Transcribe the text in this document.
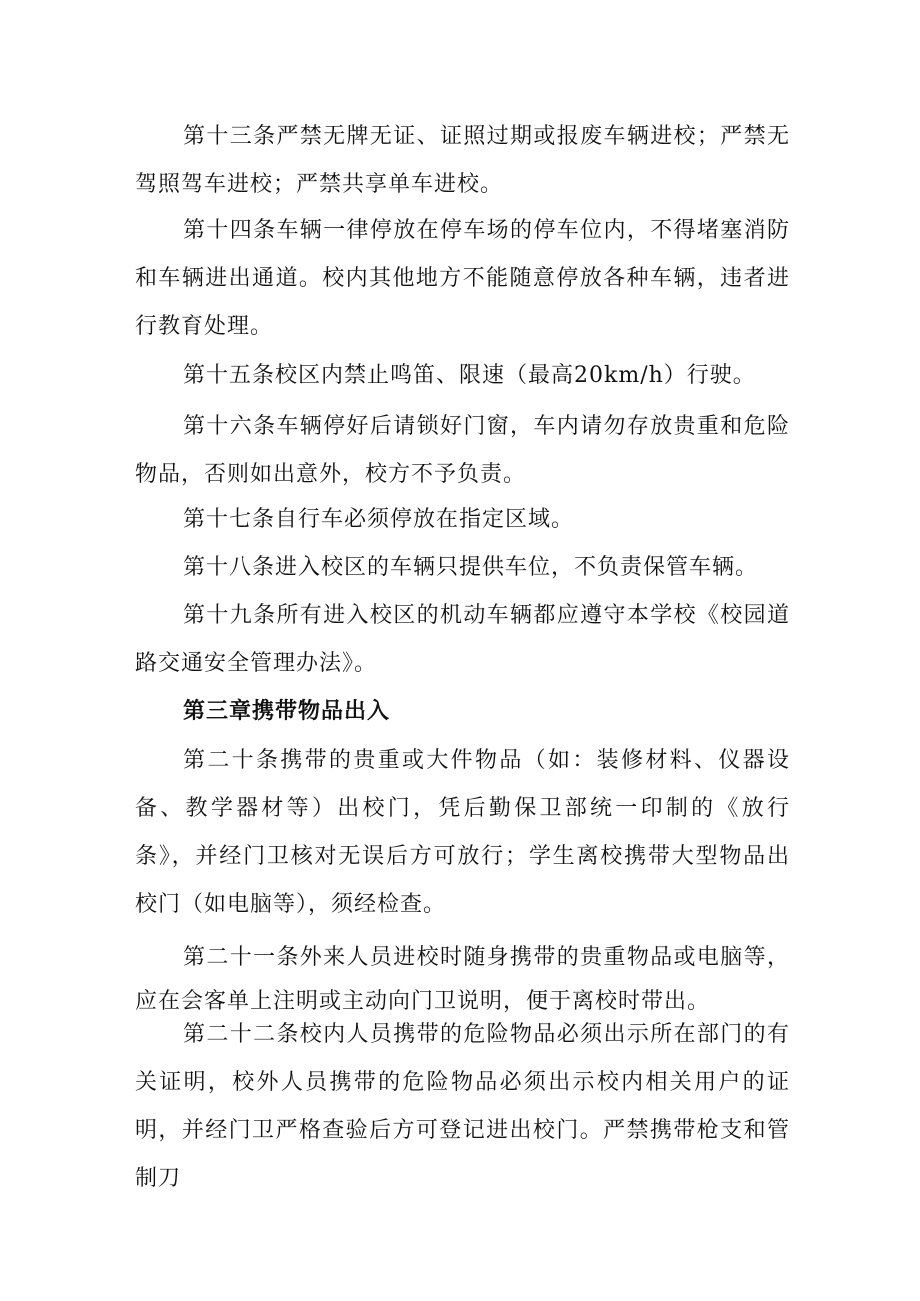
第十三条严禁无牌无证、证照过期或报废车辆进校；严禁无驾照驾车进校；严禁共享单车进校。

第十四条车辆一律停放在停车场的停车位内，不得堵塞消防和车辆进出通道。校内其他地方不能随意停放各种车辆，违者进行教育处理。

第十五条校区内禁止鸣笛、限速（最高20km/h）行驶。

第十六条车辆停好后请锁好门窗，车内请勿存放贵重和危险物品，否则如出意外，校方不予负责。

第十七条自行车必须停放在指定区域。

第十八条进入校区的车辆只提供车位，不负责保管车辆。

第十九条所有进入校区的机动车辆都应遵守本学校《校园道路交通安全管理办法》。

第三章携带物品出入

第二十条携带的贵重或大件物品（如：装修材料、仪器设备、教学器材等）出校门，凭后勤保卫部统一印制的《放行条》，并经门卫核对无误后方可放行；学生离校携带大型物品出校门（如电脑等），须经检查。

第二十一条外来人员进校时随身携带的贵重物品或电脑等，应在会客单上注明或主动向门卫说明，便于离校时带出。

第二十二条校内人员携带的危险物品必须出示所在部门的有关证明，校外人员携带的危险物品必须出示校内相关用户的证明，并经门卫严格查验后方可登记进出校门。严禁携带枪支和管制刀
